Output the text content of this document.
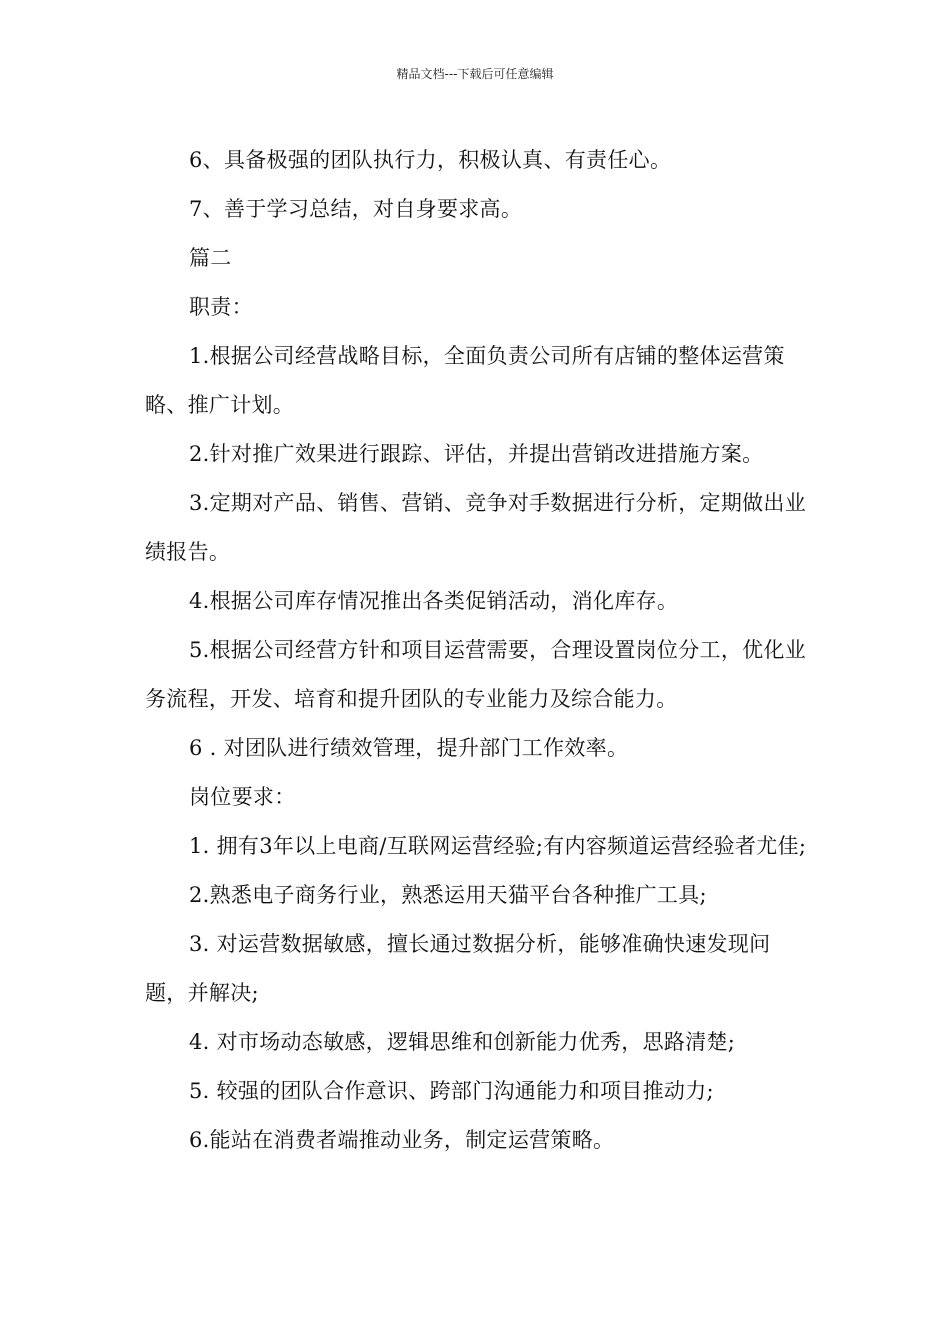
精品文档---下载后可任意编辑

6、具备极强的团队执行力，积极认真、有责任心。

7、善于学习总结，对自身要求高。

篇二

职责：

1.根据公司经营战略目标，全面负责公司所有店铺的整体运营策略、推广计划。

2.针对推广效果进行跟踪、评估，并提出营销改进措施方案。

3.定期对产品、销售、营销、竞争对手数据进行分析，定期做出业绩报告。

4.根据公司库存情况推出各类促销活动，消化库存。

5.根据公司经营方针和项目运营需要，合理设置岗位分工，优化业务流程，开发、培育和提升团队的专业能力及综合能力。

6 . 对团队进行绩效管理，提升部门工作效率。

岗位要求：

1. 拥有3年以上电商/互联网运营经验;有内容频道运营经验者尤佳;

2.熟悉电子商务行业，熟悉运用天猫平台各种推广工具;

3. 对运营数据敏感，擅长通过数据分析，能够准确快速发现问题，并解决;

4. 对市场动态敏感，逻辑思维和创新能力优秀，思路清楚;

5. 较强的团队合作意识、跨部门沟通能力和项目推动力;

6.能站在消费者端推动业务，制定运营策略。
